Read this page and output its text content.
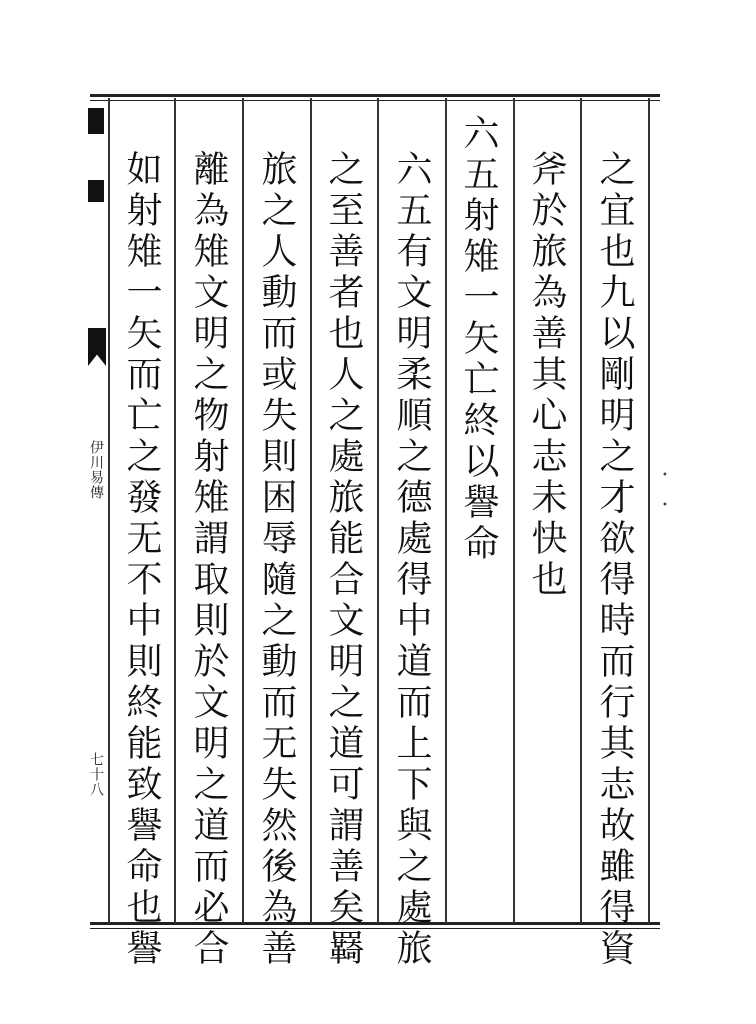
伊川易傳
七十八	之宜也九以剛明之才欲得時而行其志故雖得資
斧於旅為善其心志未快也
六五射雉一矢亡終以譽命
六五有文明柔順之德處得中道而上下與之處旅
之至善者也人之處旅能合文明之道可謂善矣羇
旅之人動而或失則困辱隨之動而无失然後為善
離為雉文明之物射雉謂取則於文明之道而必合
如射雉一矢而亡之發无不中則終能致譽命也譽	•
•
